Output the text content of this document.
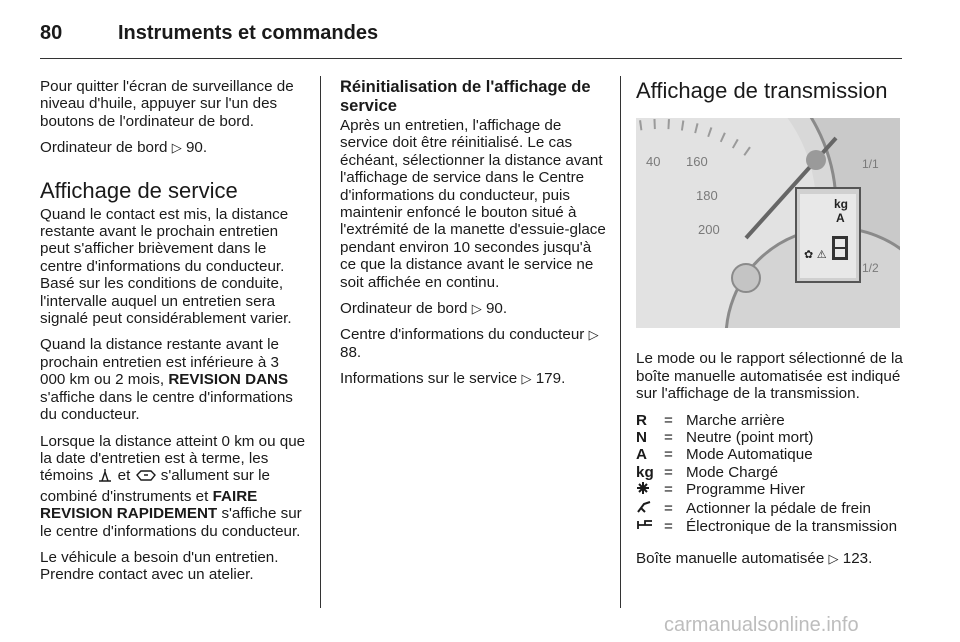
80	Instruments et commandes

Pour quitter l'écran de surveillance de niveau d'huile, appuyer sur l'un des boutons de l'ordinateur de bord.

Ordinateur de bord ▷ 90.

Affichage de service

Quand le contact est mis, la distance restante avant le prochain entretien peut s'afficher brièvement dans le centre d'informations du conducteur. Basé sur les conditions de conduite, l'intervalle auquel un entretien sera signalé peut considérablement varier.

Quand la distance restante avant le prochain entretien est inférieure à 3 000 km ou 2 mois, REVISION DANS s'affiche dans le centre d'informations du conducteur.

Lorsque la distance atteint 0 km ou que la date d'entretien est à terme, les témoins  et  s'allument sur le combiné d'instruments et FAIRE REVISION RAPIDEMENT s'affiche sur le centre d'informations du conducteur.

Le véhicule a besoin d'un entretien. Prendre contact avec un atelier.

Réinitialisation de l'affichage de service

Après un entretien, l'affichage de service doit être réinitialisé. Le cas échéant, sélectionner la distance avant l'affichage de service dans le Centre d'informations du conducteur, puis maintenir enfoncé le bouton situé à l'extrémité de la manette d'essuie-glace pendant environ 10 secondes jusqu'à ce que la distance avant le service ne soit affichée en continu.

Ordinateur de bord ▷ 90.

Centre d'informations du conducteur ▷ 88.

Informations sur le service ▷ 179.

Affichage de transmission
40 160
180
200
1/1
1/2
kg
A
✿ ⚠

Le mode ou le rapport sélectionné de la boîte manuelle automatisée est indiqué sur l'affichage de la transmission.

R	= Marche arrière
N	= Neutre (point mort)
A	= Mode Automatique
kg = Mode Chargé
= Programme Hiver
= Actionner la pédale de frein
= Électronique de la transmission

Boîte manuelle automatisée ▷ 123.

carmanualsonline.info
